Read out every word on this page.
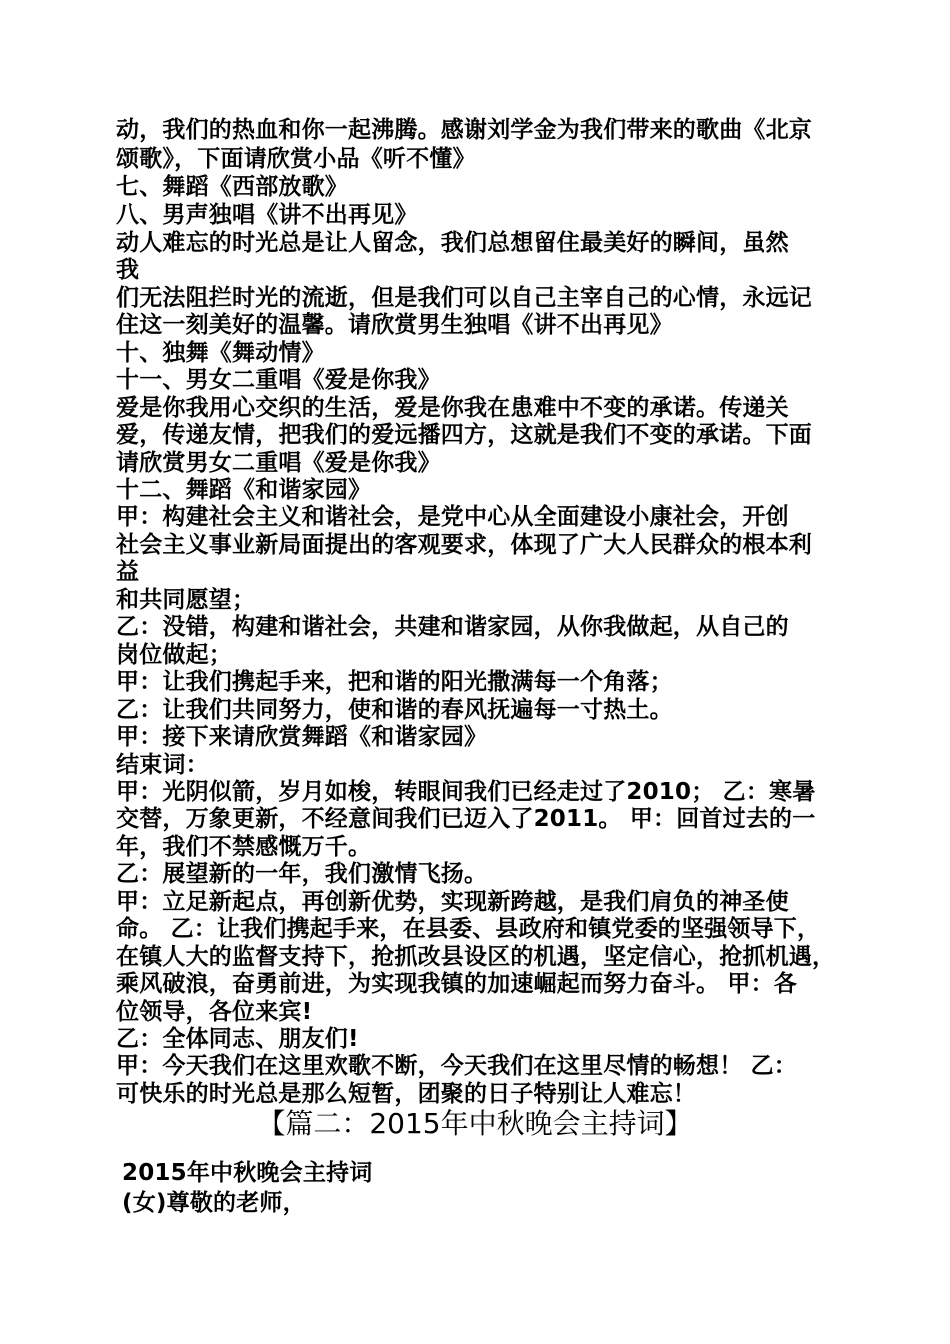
动，我们的热血和你一起沸腾。感谢刘学金为我们带来的歌曲《北京
颂歌》，下面请欣赏小品《听不懂》
七、舞蹈《西部放歌》
八、男声独唱《讲不出再见》
动人难忘的时光总是让人留念，我们总想留住最美好的瞬间，虽然
我
们无法阻拦时光的流逝，但是我们可以自己主宰自己的心情，永远记
住这一刻美好的温馨。请欣赏男生独唱《讲不出再见》
十、独舞《舞动情》
十一、男女二重唱《爱是你我》
爱是你我用心交织的生活，爱是你我在患难中不变的承诺。传递关
爱，传递友情，把我们的爱远播四方，这就是我们不变的承诺。下面
请欣赏男女二重唱《爱是你我》
十二、舞蹈《和谐家园》
甲：构建社会主义和谐社会，是党中心从全面建设小康社会，开创
社会主义事业新局面提出的客观要求，体现了广大人民群众的根本利
益
和共同愿望；
乙：没错，构建和谐社会，共建和谐家园，从你我做起，从自己的
岗位做起；
甲：让我们携起手来，把和谐的阳光撒满每一个角落；
乙：让我们共同努力，使和谐的春风抚遍每一寸热土。
甲：接下来请欣赏舞蹈《和谐家园》
结束词：
甲：光阴似箭，岁月如梭，转眼间我们已经走过了2010； 乙：寒暑
交替，万象更新，不经意间我们已迈入了2011。 甲：回首过去的一
年，我们不禁感慨万千。
乙：展望新的一年，我们激情飞扬。
甲：立足新起点，再创新优势，实现新跨越，是我们肩负的神圣使
命。 乙：让我们携起手来，在县委、县政府和镇党委的坚强领导下，
在镇人大的监督支持下，抢抓改县设区的机遇，坚定信心，抢抓机遇，
乘风破浪，奋勇前进，为实现我镇的加速崛起而努力奋斗。 甲：各
位领导，各位来宾!
乙：全体同志、朋友们!
甲：今天我们在这里欢歌不断，今天我们在这里尽情的畅想！ 乙：
可快乐的时光总是那么短暂，团聚的日子特别让人难忘！
【篇二：2015年中秋晚会主持词】
2015年中秋晚会主持词
(女)尊敬的老师，
